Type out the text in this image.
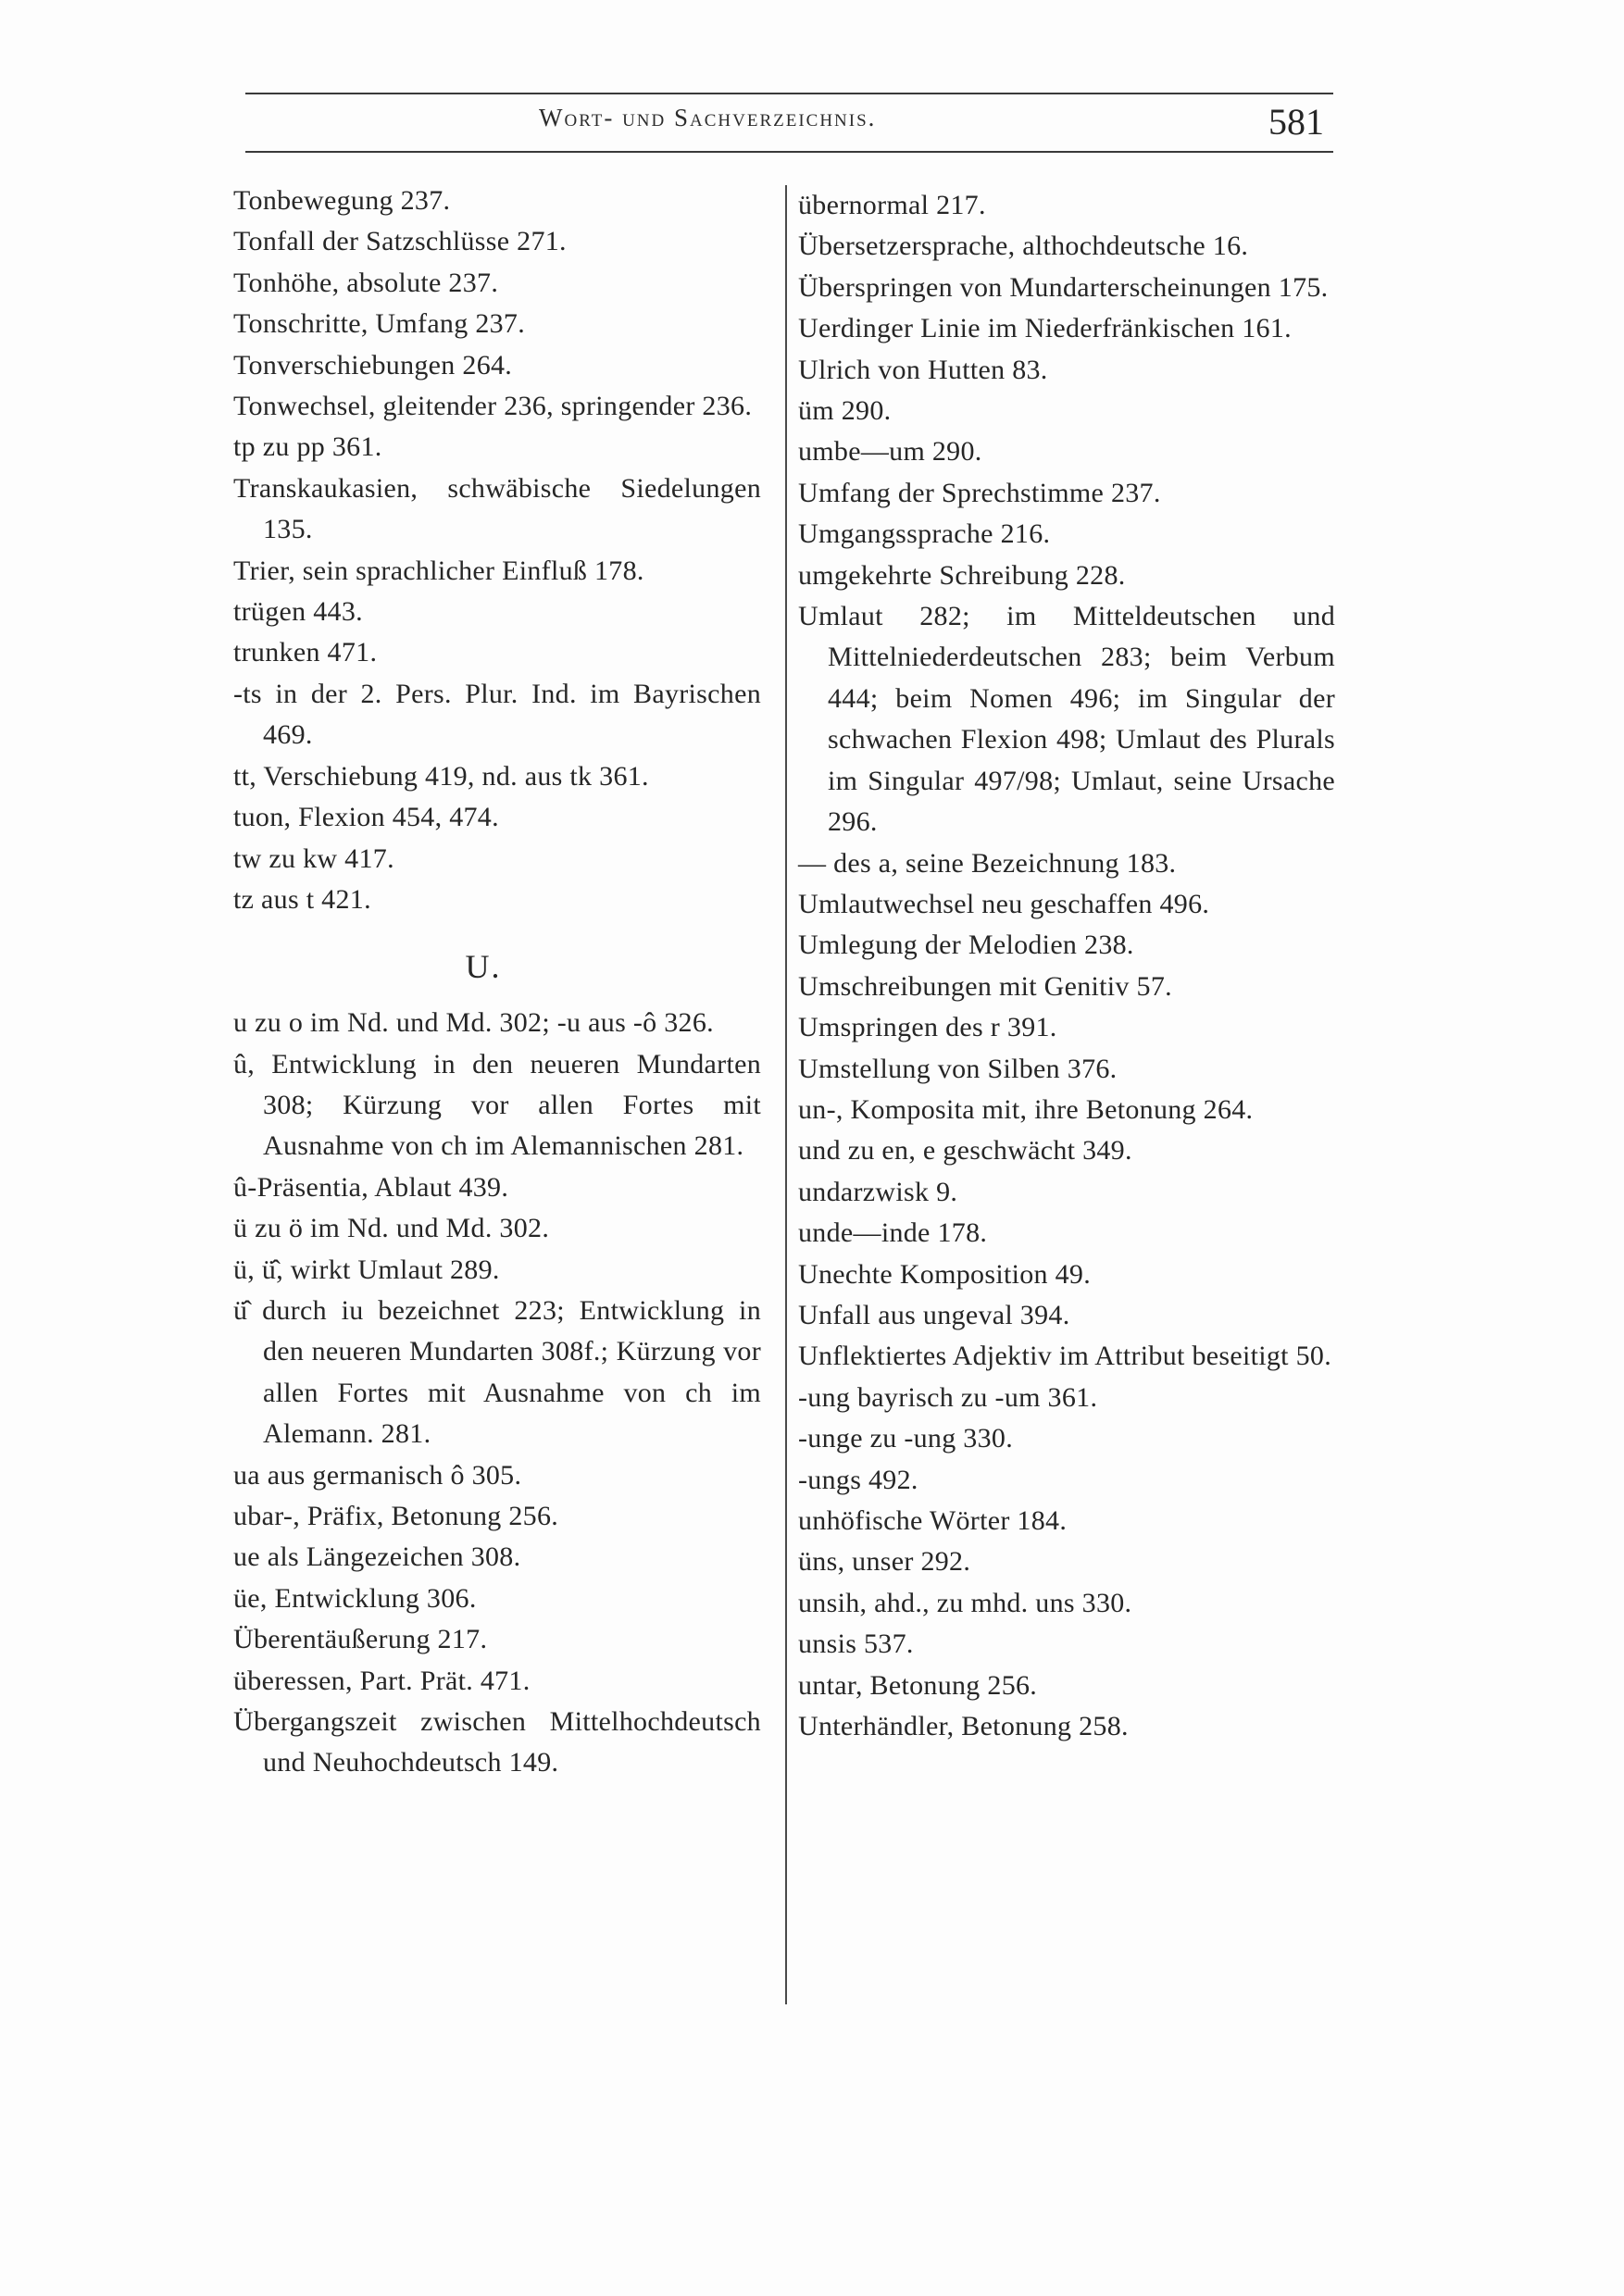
Wort- und Sachverzeichnis.	581
Tonbewegung 237.
Tonfall der Satzschlüsse 271.
Tonhöhe, absolute 237.
Tonschritte, Umfang 237.
Tonverschiebungen 264.
Tonwechsel, gleitender 236, springender 236.
tp zu pp 361.
Transkaukasien, schwäbische Siedelungen 135.
Trier, sein sprachlicher Einfluß 178.
trügen 443.
trunken 471.
-ts in der 2. Pers. Plur. Ind. im Bayrischen 469.
tt, Verschiebung 419, nd. aus tk 361.
tuon, Flexion 454, 474.
tw zu kw 417.
tz aus t 421.
U.
u zu o im Nd. und Md. 302; -u aus -ô 326.
û, Entwicklung in den neueren Mundarten 308; Kürzung vor allen Fortes mit Ausnahme von ch im Alemannischen 281.
û-Präsentia, Ablaut 439.
ü zu ö im Nd. und Md. 302.
ü, ü̂, wirkt Umlaut 289.
ü̂ durch iu bezeichnet 223; Entwicklung in den neueren Mundarten 308f.; Kürzung vor allen Fortes mit Ausnahme von ch im Alemann. 281.
ua aus germanisch ô 305.
ubar-, Präfix, Betonung 256.
ue als Längezeichen 308.
üe, Entwicklung 306.
Überentäußerung 217.
überessen, Part. Prät. 471.
Übergangszeit zwischen Mittelhochdeutsch und Neuhochdeutsch 149.
übernormal 217.
Übersetzersprache, althochdeutsche 16.
Überspringen von Mundarterscheinungen 175.
Uerdinger Linie im Niederfränkischen 161.
Ulrich von Hutten 83.
üm 290.
umbe—um 290.
Umfang der Sprechstimme 237.
Umgangssprache 216.
umgekehrte Schreibung 228.
Umlaut 282; im Mitteldeutschen und Mittelniederdeutschen 283; beim Verbum 444; beim Nomen 496; im Singular der schwachen Flexion 498; Umlaut des Plurals im Singular 497/98; Umlaut, seine Ursache 296.
— des a, seine Bezeichnung 183.
Umlautwechsel neu geschaffen 496.
Umlegung der Melodien 238.
Umschreibungen mit Genitiv 57.
Umspringen des r 391.
Umstellung von Silben 376.
un-, Komposita mit, ihre Betonung 264.
und zu en, e geschwächt 349.
undarzwisk 9.
unde—inde 178.
Unechte Komposition 49.
Unfall aus ungeval 394.
Unflektiertes Adjektiv im Attribut beseitigt 50.
-ung bayrisch zu -um 361.
-unge zu -ung 330.
-ungs 492.
unhöfische Wörter 184.
üns, unser 292.
unsih, ahd., zu mhd. uns 330.
unsis 537.
untar, Betonung 256.
Unterhändler, Betonung 258.
